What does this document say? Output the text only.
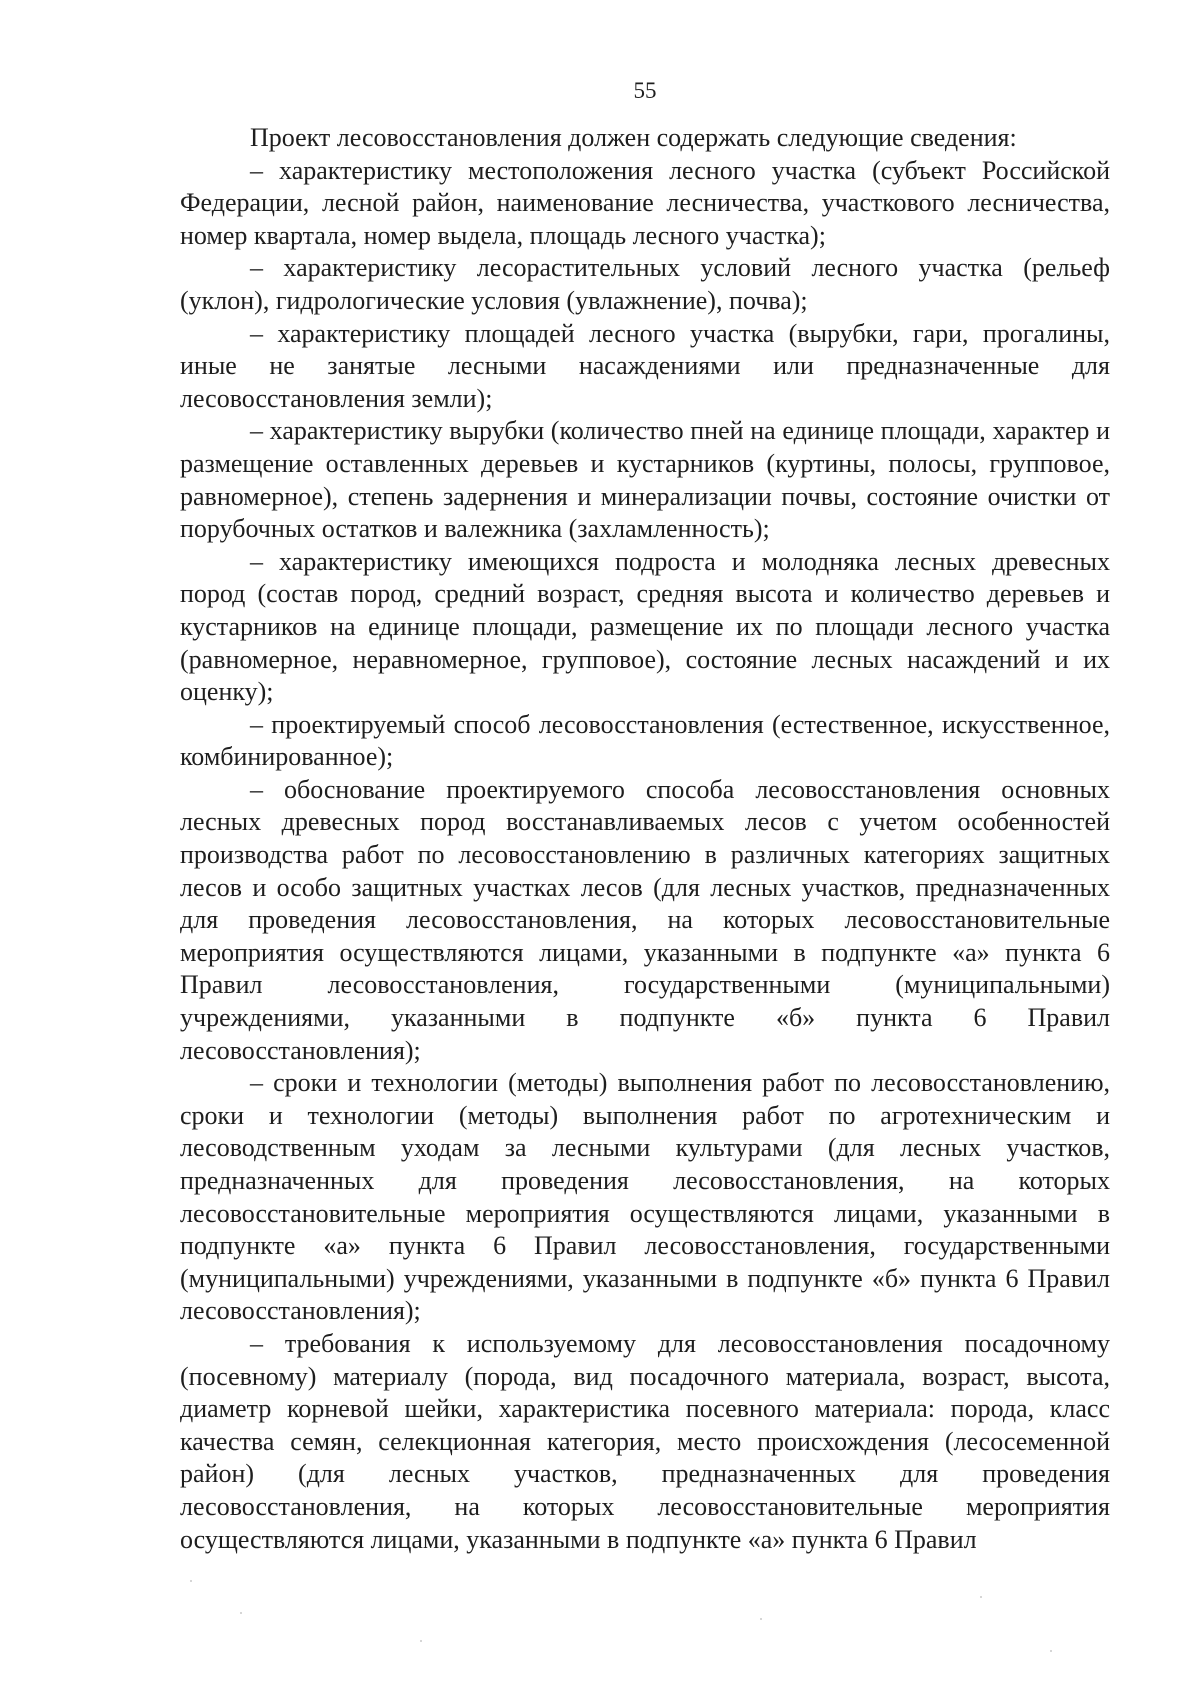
55

Проект лесовосстановления должен содержать следующие сведения:

– характеристику местоположения лесного участка (субъект Российской Федерации, лесной район, наименование лесничества, участкового лесничества, номер квартала, номер выдела, площадь лесного участка);

– характеристику лесорастительных условий лесного участка (рельеф (уклон), гидрологические условия (увлажнение), почва);

– характеристику площадей лесного участка (вырубки, гари, прогалины, иные не занятые лесными насаждениями или предназначенные для лесовосстановления земли);

– характеристику вырубки (количество пней на единице площади, характер и размещение оставленных деревьев и кустарников (куртины, полосы, групповое, равномерное), степень задернения и минерализации почвы, состояние очистки от порубочных остатков и валежника (захламленность);

– характеристику имеющихся подроста и молодняка лесных древесных пород (состав пород, средний возраст, средняя высота и количество деревьев и кустарников на единице площади, размещение их по площади лесного участка (равномерное, неравномерное, групповое), состояние лесных насаждений и их оценку);

– проектируемый способ лесовосстановления (естественное, искусственное, комбинированное);

– обоснование проектируемого способа лесовосстановления основных лесных древесных пород восстанавливаемых лесов с учетом особенностей производства работ по лесовосстановлению в различных категориях защитных лесов и особо защитных участках лесов (для лесных участков, предназначенных для проведения лесовосстановления, на которых лесовосстановительные мероприятия осуществляются лицами, указанными в подпункте «а» пункта 6 Правил лесовосстановления, государственными (муниципальными) учреждениями, указанными в подпункте «б» пункта 6 Правил лесовосстановления);

– сроки и технологии (методы) выполнения работ по лесовосстановлению, сроки и технологии (методы) выполнения работ по агротехническим и лесоводственным уходам за лесными культурами (для лесных участков, предназначенных для проведения лесовосстановления, на которых лесовосстановительные мероприятия осуществляются лицами, указанными в подпункте «а» пункта 6 Правил лесовосстановления, государственными (муниципальными) учреждениями, указанными в подпункте «б» пункта 6 Правил лесовосстановления);

– требования к используемому для лесовосстановления посадочному (посевному) материалу (порода, вид посадочного материала, возраст, высота, диаметр корневой шейки, характеристика посевного материала: порода, класс качества семян, селекционная категория, место происхождения (лесосеменной район) (для лесных участков, предназначенных для проведения лесовосстановления, на которых лесовосстановительные мероприятия осуществляются лицами, указанными в подпункте «а» пункта 6 Правил
